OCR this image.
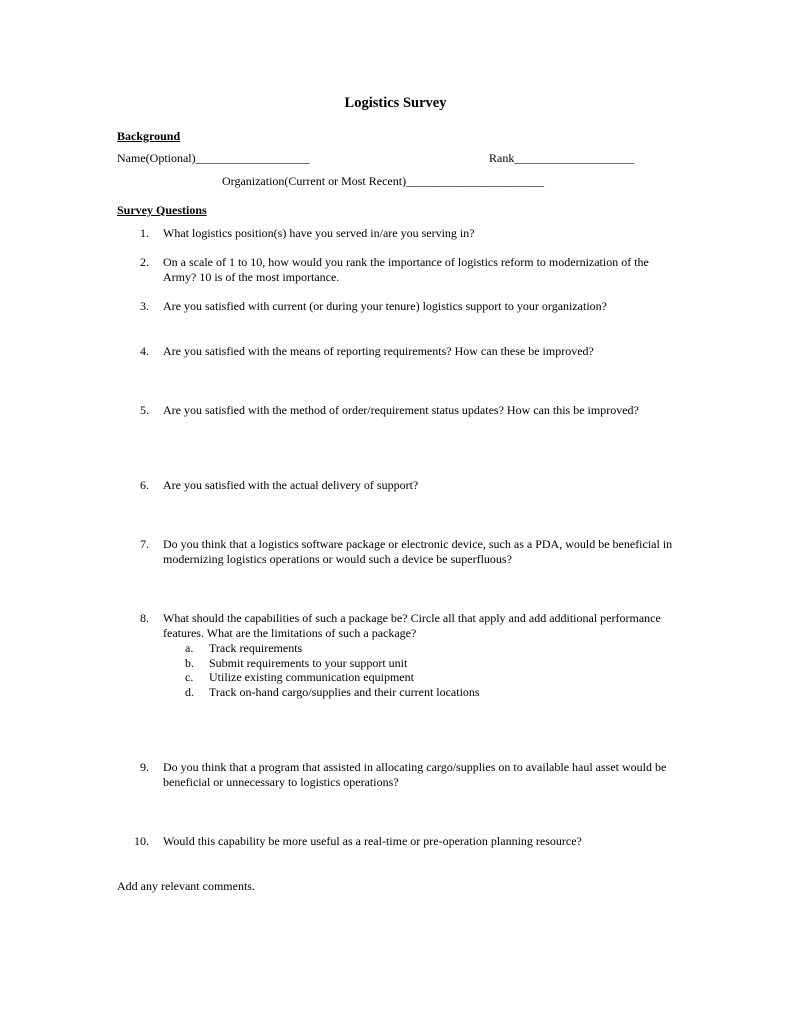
Logistics Survey
Background
Name(Optional)___________________	Rank____________________
Organization(Current or Most Recent)_______________________
Survey Questions
1. What logistics position(s) have you served in/are you serving in?
2. On a scale of 1 to 10, how would you rank the importance of logistics reform to modernization of the Army? 10 is of the most importance.
3. Are you satisfied with current (or during your tenure) logistics support to your organization?
4. Are you satisfied with the means of reporting requirements? How can these be improved?
5. Are you satisfied with the method of order/requirement status updates? How can this be improved?
6. Are you satisfied with the actual delivery of support?
7. Do you think that a logistics software package or electronic device, such as a PDA, would be beneficial in modernizing logistics operations or would such a device be superfluous?
8. What should the capabilities of such a package be? Circle all that apply and add additional performance features. What are the limitations of such a package?
a. Track requirements
b. Submit requirements to your support unit
c. Utilize existing communication equipment
d. Track on-hand cargo/supplies and their current locations
9. Do you think that a program that assisted in allocating cargo/supplies on to available haul asset would be beneficial or unnecessary to logistics operations?
10. Would this capability be more useful as a real-time or pre-operation planning resource?
Add any relevant comments.
